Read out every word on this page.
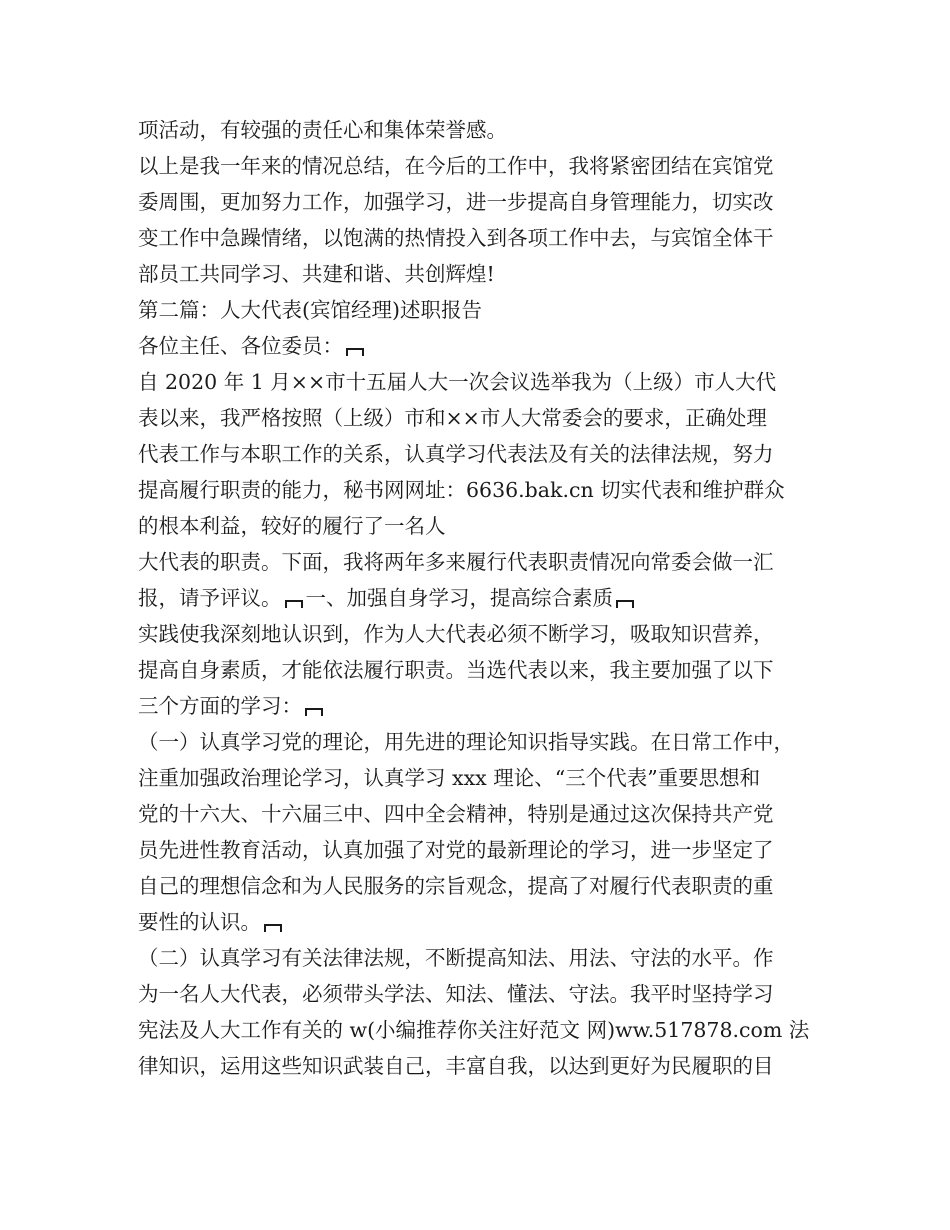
项活动，有较强的责任心和集体荣誉感。
以上是我一年来的情况总结，在今后的工作中，我将紧密团结在宾馆党
委周围，更加努力工作，加强学习，进一步提高自身管理能力，切实改
变工作中急躁情绪，以饱满的热情投入到各项工作中去，与宾馆全体干
部员工共同学习、共建和谐、共创辉煌!
第二篇：人大代表(宾馆经理)述职报告
各位主任、各位委员：
自 2020 年 1 月××市十五届人大一次会议选举我为（上级）市人大代
表以来，我严格按照（上级）市和××市人大常委会的要求，正确处理
代表工作与本职工作的关系，认真学习代表法及有关的法律法规，努力
提高履行职责的能力，秘书网网址：6636.bak.cn 切实代表和维护群众
的根本利益，较好的履行了一名人
大代表的职责。下面，我将两年多来履行代表职责情况向常委会做一汇
报，请予评议。 一、加强自身学习，提高综合素质
实践使我深刻地认识到，作为人大代表必须不断学习，吸取知识营养，
提高自身素质，才能依法履行职责。当选代表以来，我主要加强了以下
三个方面的学习：
（一）认真学习党的理论，用先进的理论知识指导实践。在日常工作中，
注重加强政治理论学习，认真学习 xxx 理论、“三个代表”重要思想和
党的十六大、十六届三中、四中全会精神，特别是通过这次保持共产党
员先进性教育活动，认真加强了对党的最新理论的学习，进一步坚定了
自己的理想信念和为人民服务的宗旨观念，提高了对履行代表职责的重
要性的认识。
（二）认真学习有关法律法规，不断提高知法、用法、守法的水平。作
为一名人大代表，必须带头学法、知法、懂法、守法。我平时坚持学习
宪法及人大工作有关的 w(小编推荐你关注好范文 网)ww.517878.com 法
律知识，运用这些知识武装自己，丰富自我，以达到更好为民履职的目
